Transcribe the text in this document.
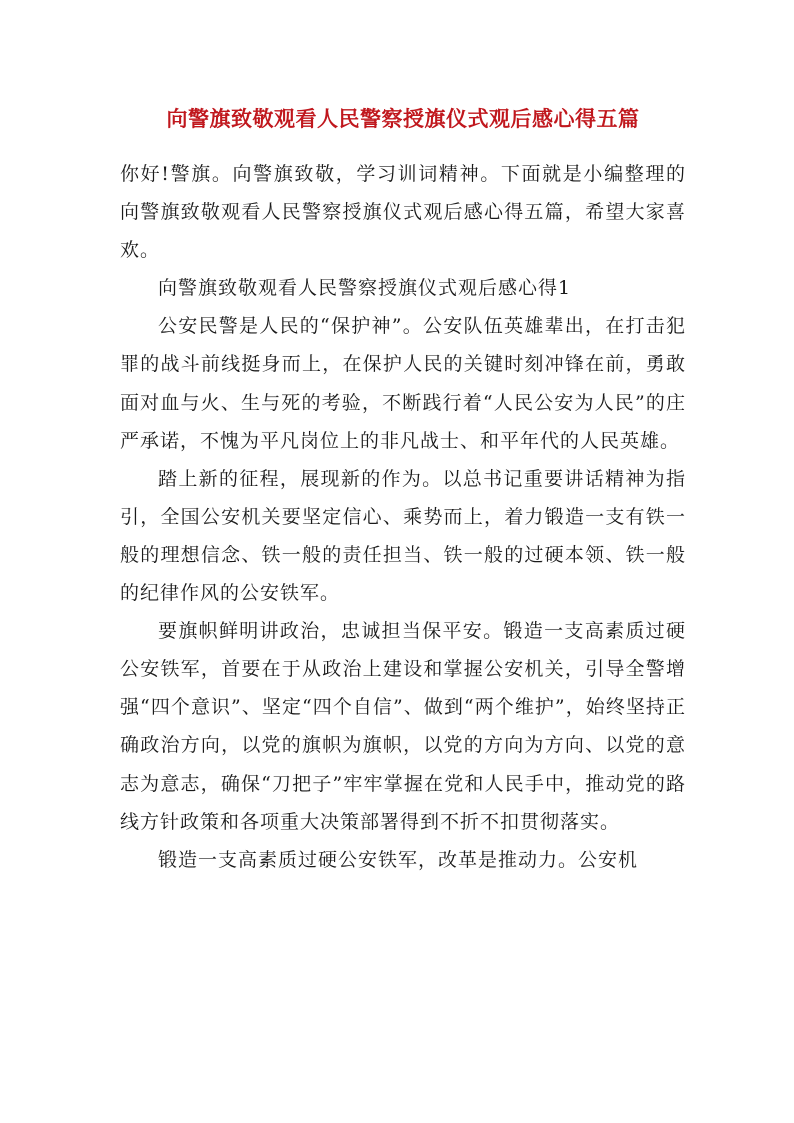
向警旗致敬观看人民警察授旗仪式观后感心得五篇

你好!警旗。向警旗致敬，学习训词精神。下面就是小编整理的向警旗致敬观看人民警察授旗仪式观后感心得五篇，希望大家喜欢。

向警旗致敬观看人民警察授旗仪式观后感心得1

公安民警是人民的“保护神”。公安队伍英雄辈出，在打击犯罪的战斗前线挺身而上，在保护人民的关键时刻冲锋在前，勇敢面对血与火、生与死的考验，不断践行着“人民公安为人民”的庄严承诺，不愧为平凡岗位上的非凡战士、和平年代的人民英雄。

踏上新的征程，展现新的作为。以总书记重要讲话精神为指引，全国公安机关要坚定信心、乘势而上，着力锻造一支有铁一般的理想信念、铁一般的责任担当、铁一般的过硬本领、铁一般的纪律作风的公安铁军。

要旗帜鲜明讲政治，忠诚担当保平安。锻造一支高素质过硬公安铁军，首要在于从政治上建设和掌握公安机关，引导全警增强“四个意识”、坚定“四个自信”、做到“两个维护”，始终坚持正确政治方向，以党的旗帜为旗帜，以党的方向为方向、以党的意志为意志，确保“刀把子”牢牢掌握在党和人民手中，推动党的路线方针政策和各项重大决策部署得到不折不扣贯彻落实。

锻造一支高素质过硬公安铁军，改革是推动力。公安机
